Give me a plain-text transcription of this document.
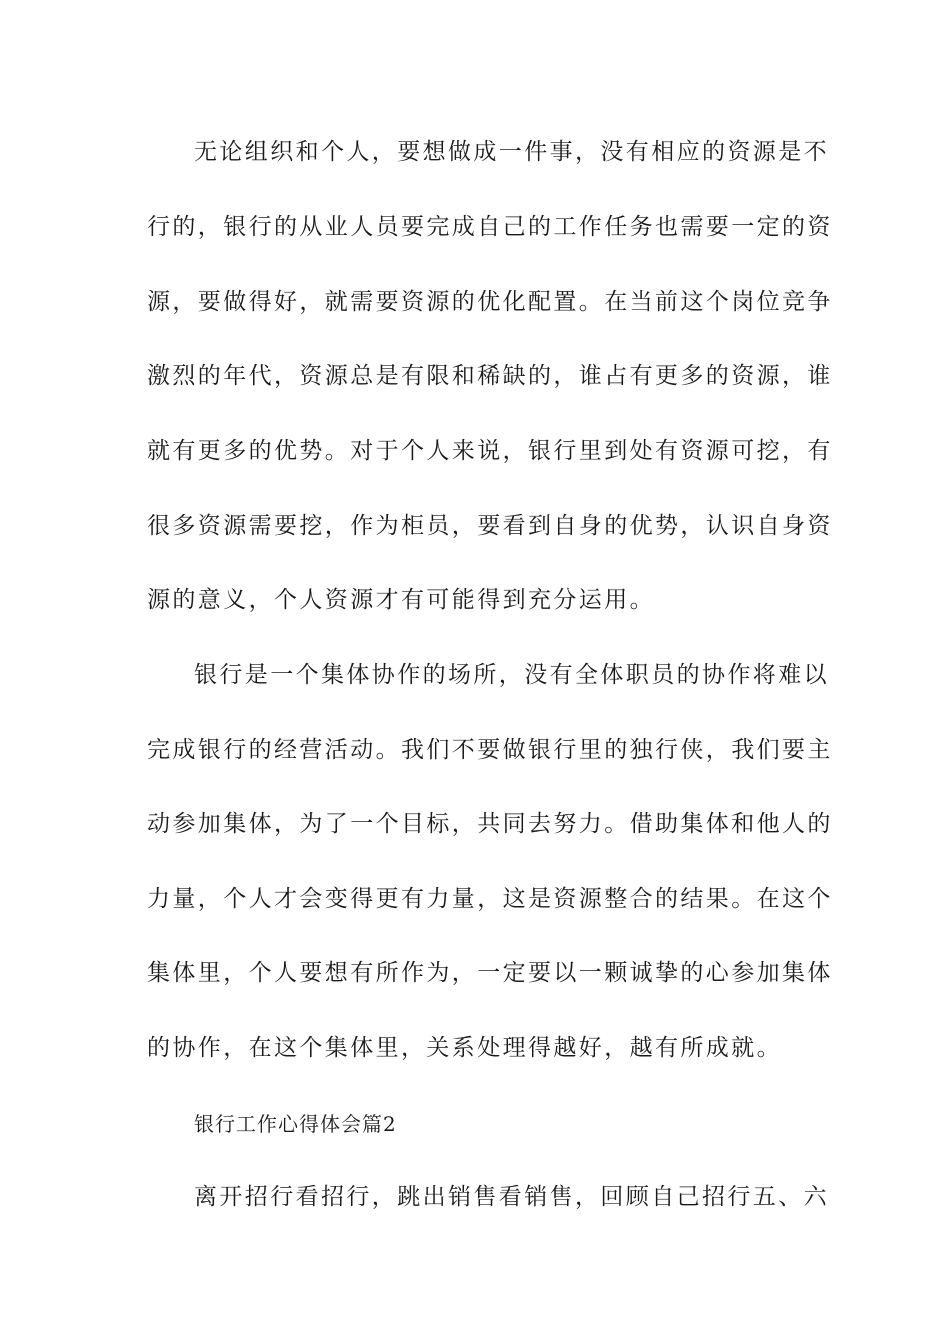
无论组织和个人，要想做成一件事，没有相应的资源是不
行的，银行的从业人员要完成自己的工作任务也需要一定的资
源，要做得好，就需要资源的优化配置。在当前这个岗位竞争
激烈的年代，资源总是有限和稀缺的，谁占有更多的资源，谁
就有更多的优势。对于个人来说，银行里到处有资源可挖，有
很多资源需要挖，作为柜员，要看到自身的优势，认识自身资
源的意义，个人资源才有可能得到充分运用。
银行是一个集体协作的场所，没有全体职员的协作将难以
完成银行的经营活动。我们不要做银行里的独行侠，我们要主
动参加集体，为了一个目标，共同去努力。借助集体和他人的
力量，个人才会变得更有力量，这是资源整合的结果。在这个
集体里，个人要想有所作为，一定要以一颗诚挚的心参加集体
的协作，在这个集体里，关系处理得越好，越有所成就。
银行工作心得体会篇2
离开招行看招行，跳出销售看销售，回顾自己招行五、六
